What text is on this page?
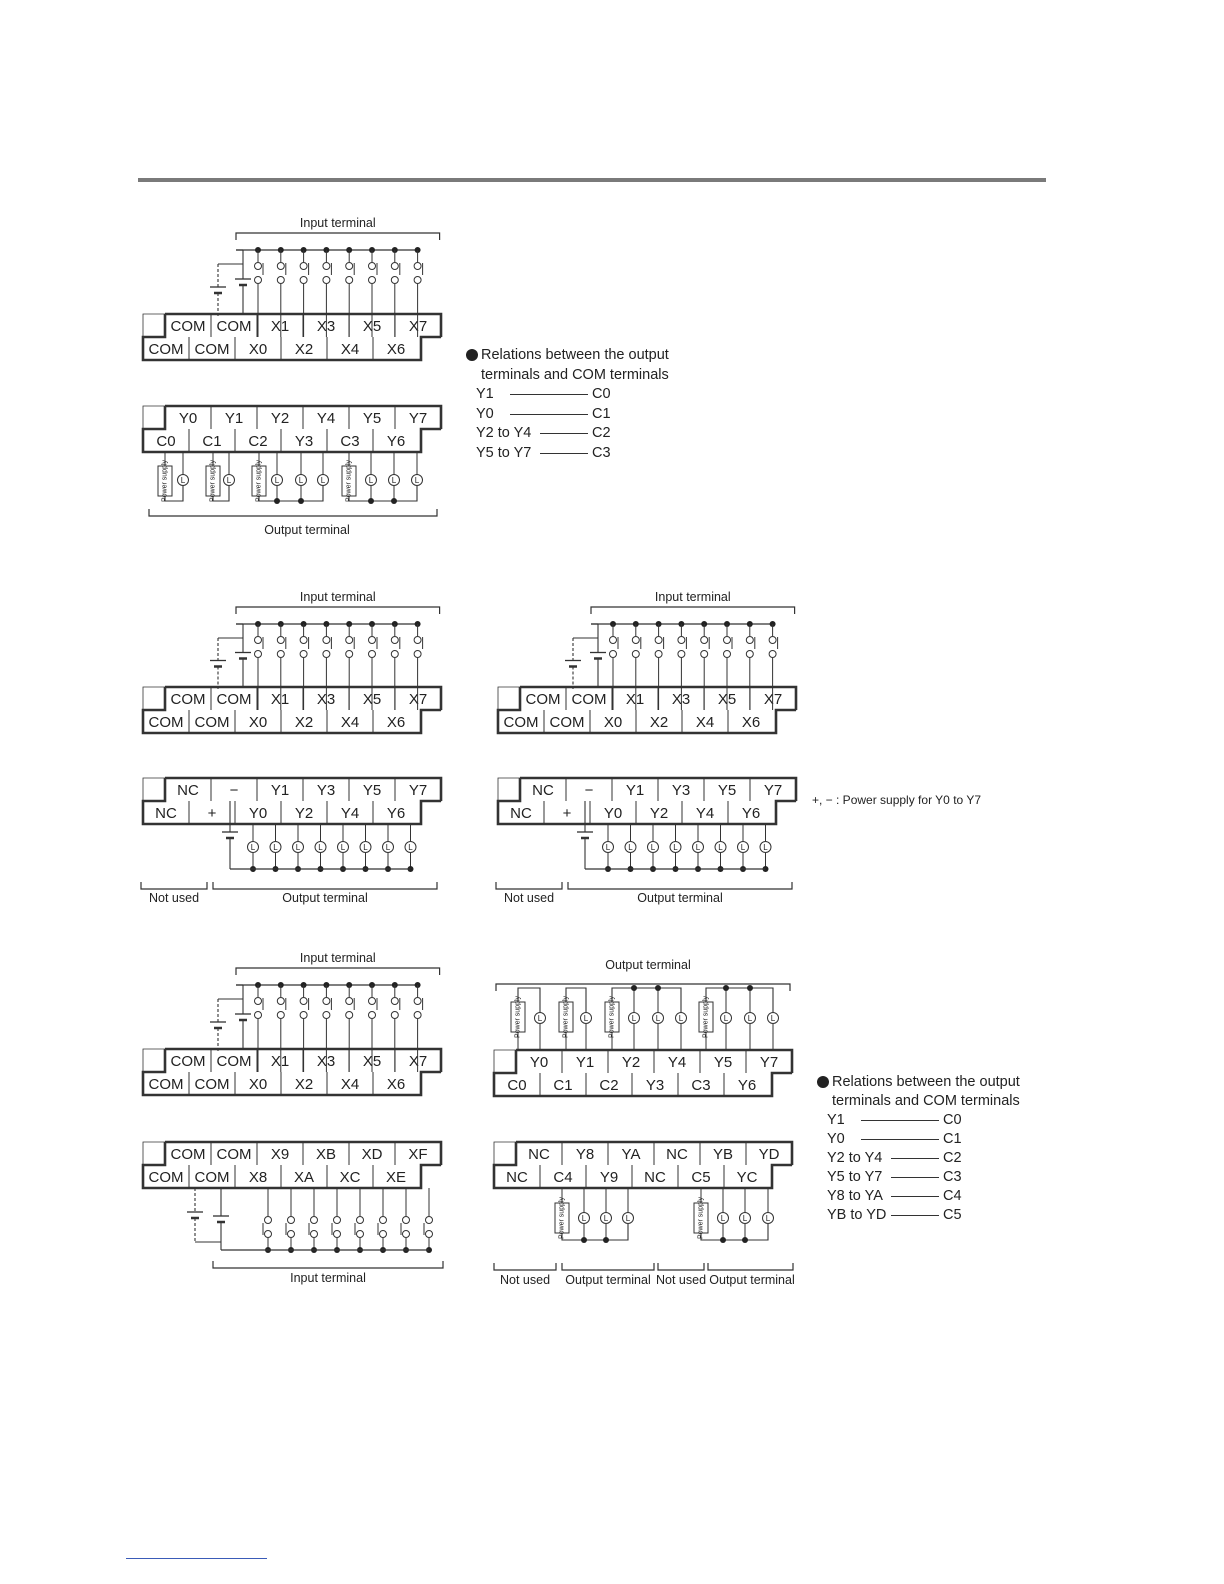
COM COM X1 X3 X5 X7
COM COM X0 X2 X4 X6
Input terminal
Y0 Y1 Y2 Y4 Y5 Y7
C0 C1 C2 Y3 C3 Y6
Power supply L	Power supply L	Power supply L L L	Power supply L L L
Output terminal
Relations between the output
terminals and COM terminals
Y1	C0
Y0	C1
Y2 to Y4	C2
Y5 to Y7	C3
COM COM X1 X3 X5 X7
COM COM X0 X2 X4 X6
Input terminal
NC − Y1 Y3 Y5 Y7
NC + Y0 Y2 Y4 Y6
L L L L L L L L
Not used	Output terminal
COM COM X1 X3 X5 X7
COM COM X0 X2 X4 X6
Input terminal
NC − Y1 Y3 Y5 Y7
NC + Y0 Y2 Y4 Y6
L L L L L L L L
Not used	Output terminal
+, − : Power supply for Y0 to Y7
COM COM X1 X3 X5 X7
COM COM X0 X2 X4 X6
Input terminal
COM COM X9 XB XD XF
COM COM X8 XA XC XE
Input terminal
Output terminal
Power supply L	Power supply L	Power supply L L L	Power supply L L L
Y0 Y1 Y2 Y4 Y5 Y7
C0 C1 C2 Y3 C3 Y6
NC Y8 YA NC YB YD
NC C4 Y9 NC C5 YC
Power supply L L L	Power supply L L L
Not used Output terminal Not used Output terminal
Relations between the output
terminals and COM terminals
Y1	C0
Y0	C1
Y2 to Y4	C2
Y5 to Y7	C3
Y8 to YA	C4
YB to YD	C5
